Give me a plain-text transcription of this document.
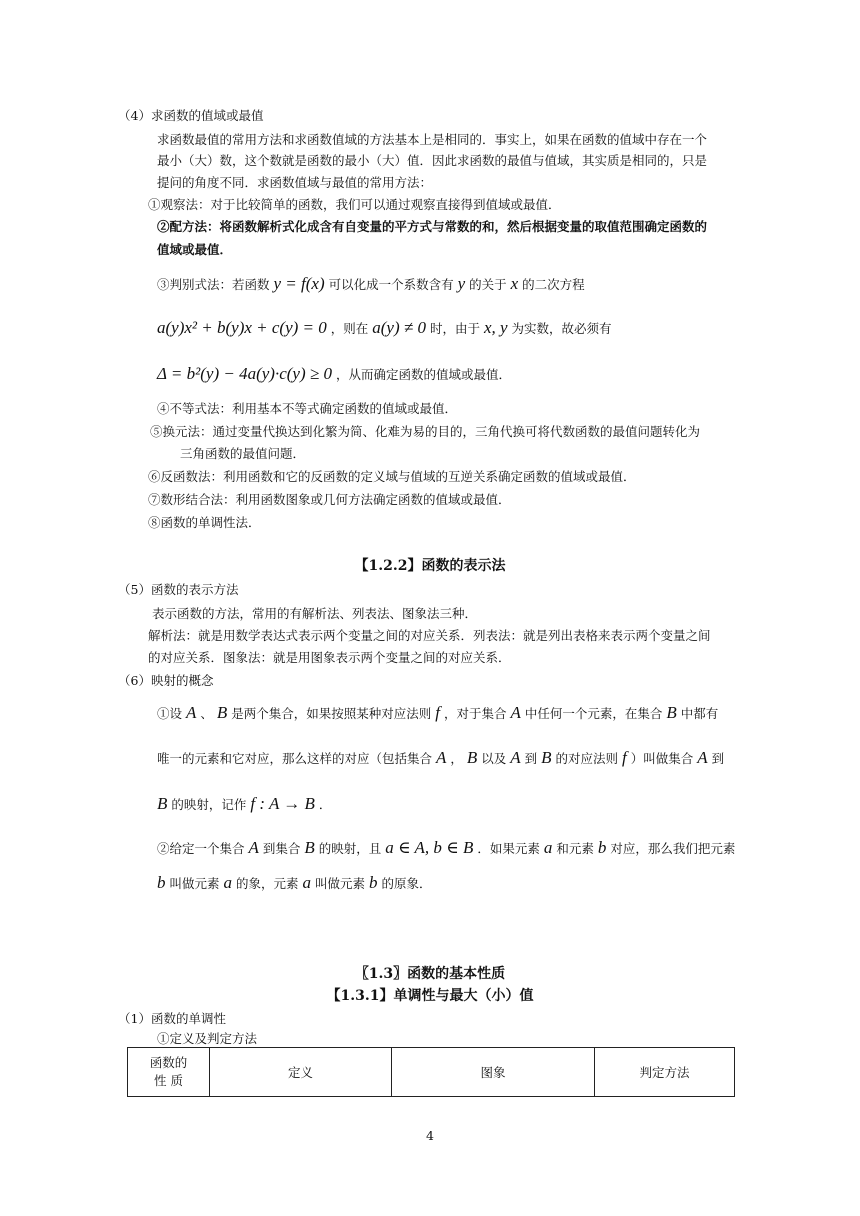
（4）求函数的值域或最值
求函数最值的常用方法和求函数值域的方法基本上是相同的．事实上，如果在函数的值域中存在一个
最小（大）数，这个数就是函数的最小（大）值．因此求函数的最值与值域，其实质是相同的，只是
提问的角度不同．求函数值域与最值的常用方法：
①观察法：对于比较简单的函数，我们可以通过观察直接得到值域或最值．
②配方法：将函数解析式化成含有自变量的平方式与常数的和，然后根据变量的取值范围确定函数的
值域或最值．
③判别式法：若函数 y = f(x) 可以化成一个系数含有 y 的关于 x 的二次方程
a(y)x² + b(y)x + c(y) = 0 ，则在 a(y) ≠ 0 时，由于 x, y 为实数，故必须有
Δ = b²(y) − 4a(y)·c(y) ≥ 0 ，从而确定函数的值域或最值．
④不等式法：利用基本不等式确定函数的值域或最值．
⑤换元法：通过变量代换达到化繁为简、化难为易的目的，三角代换可将代数函数的最值问题转化为
三角函数的最值问题．
⑥反函数法：利用函数和它的反函数的定义域与值域的互逆关系确定函数的值域或最值．
⑦数形结合法：利用函数图象或几何方法确定函数的值域或最值．
⑧函数的单调性法．
【1.2.2】函数的表示法
（5）函数的表示方法
表示函数的方法，常用的有解析法、列表法、图象法三种．
解析法：就是用数学表达式表示两个变量之间的对应关系．列表法：就是列出表格来表示两个变量之间
的对应关系．图象法：就是用图象表示两个变量之间的对应关系．
（6）映射的概念
①设 A 、 B 是两个集合，如果按照某种对应法则 f ，对于集合 A 中任何一个元素，在集合 B 中都有
唯一的元素和它对应，那么这样的对应（包括集合 A ， B 以及 A 到 B 的对应法则 f ）叫做集合 A 到
B 的映射，记作 f : A → B ．
②给定一个集合 A 到集合 B 的映射，且 a ∈ A, b ∈ B ．如果元素 a 和元素 b 对应，那么我们把元素
b 叫做元素 a 的象，元素 a 叫做元素 b 的原象．
〖1.3〗函数的基本性质
【1.3.1】单调性与最大（小）值
（1）函数的单调性
①定义及判定方法
函数的
性 质
	定义	图象	判定方法
4
